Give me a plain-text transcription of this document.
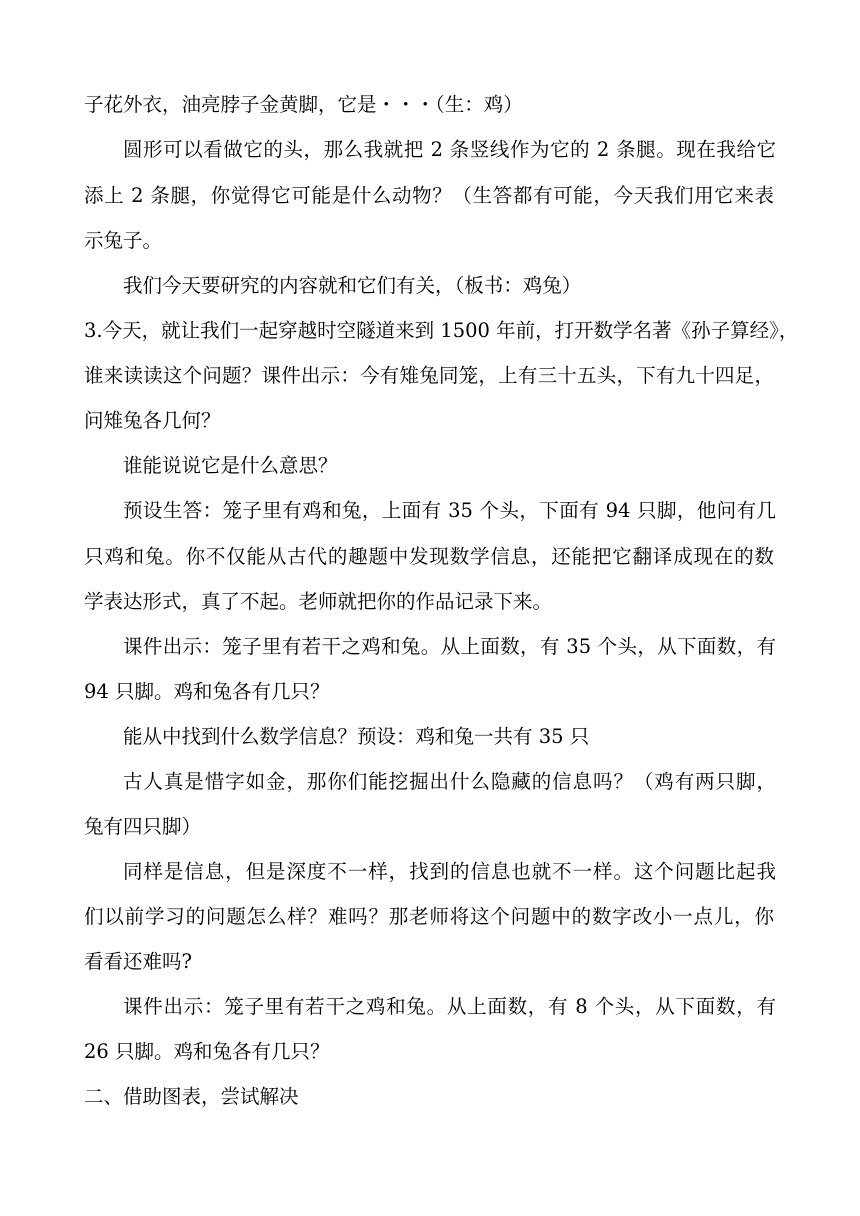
子花外衣，油亮脖子金黄脚，它是・・・（生：鸡）
圆形可以看做它的头，那么我就把 2 条竖线作为它的 2 条腿。现在我给它
添上 2 条腿，你觉得它可能是什么动物？（生答都有可能，今天我们用它来表
示兔子。
我们今天要研究的内容就和它们有关，（板书：鸡兔）
3.今天，就让我们一起穿越时空隧道来到 1500 年前，打开数学名著《孙子算经》，
谁来读读这个问题？课件出示：今有雉兔同笼，上有三十五头，下有九十四足，
问雉兔各几何？
谁能说说它是什么意思？
预设生答：笼子里有鸡和兔，上面有 35 个头，下面有 94 只脚，他问有几
只鸡和兔。你不仅能从古代的趣题中发现数学信息，还能把它翻译成现在的数
学表达形式，真了不起。老师就把你的作品记录下来。
课件出示：笼子里有若干之鸡和兔。从上面数，有 35 个头，从下面数，有
94 只脚。鸡和兔各有几只？
能从中找到什么数学信息？预设：鸡和兔一共有 35 只
古人真是惜字如金，那你们能挖掘出什么隐藏的信息吗？（鸡有两只脚，
兔有四只脚）
同样是信息，但是深度不一样，找到的信息也就不一样。这个问题比起我
们以前学习的问题怎么样？难吗？那老师将这个问题中的数字改小一点儿，你
看看还难吗?
课件出示：笼子里有若干之鸡和兔。从上面数，有 8 个头，从下面数，有
26 只脚。鸡和兔各有几只？
二、借助图表，尝试解决
